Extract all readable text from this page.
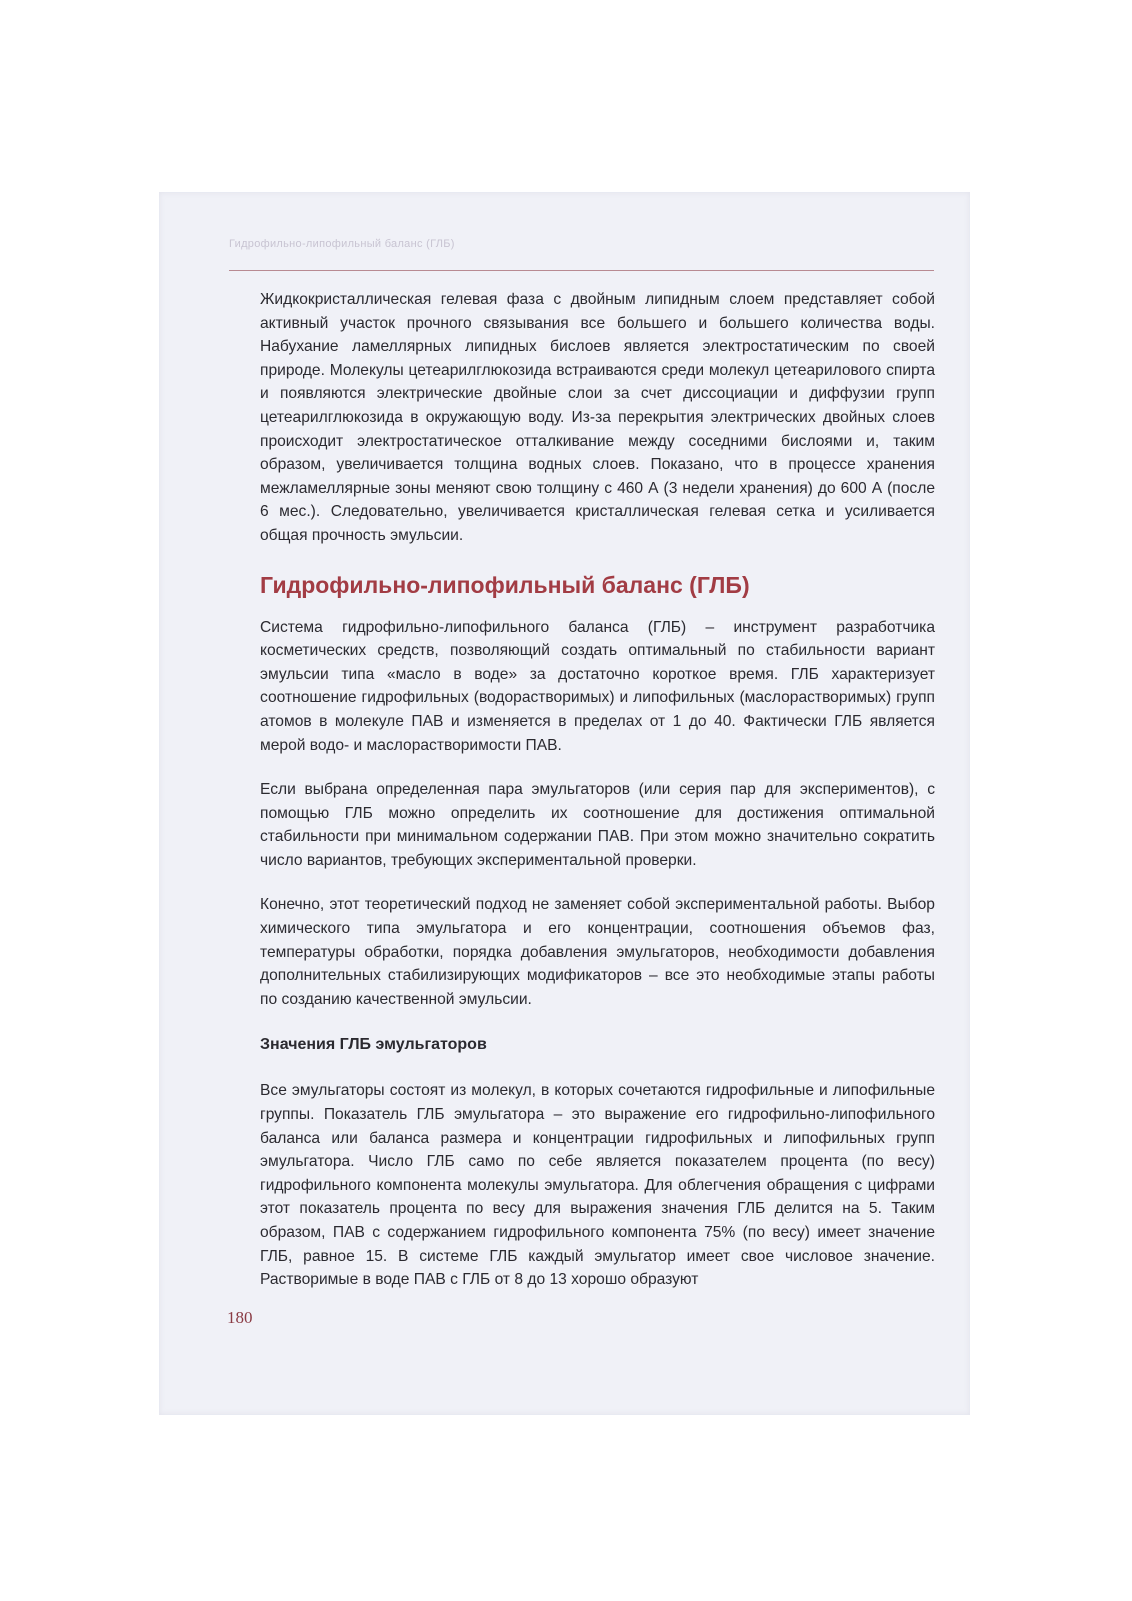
Гидрофильно-липофильный баланс (ГЛБ)

Жидкокристаллическая гелевая фаза с двойным липидным слоем представляет собой активный участок прочного связывания все большего и большего количества воды. Набухание ламеллярных липидных бислоев является электростатическим по своей природе. Молекулы цетеарилглюкозида встраиваются среди молекул цетеарилового спирта и появляются электрические двойные слои за счет диссоциации и диффузии групп цетеарилглюкозида в окружающую воду. Из-за перекрытия электрических двойных слоев происходит электростатическое отталкивание между соседними бислоями и, таким образом, увеличивается толщина водных слоев. Показано, что в процессе хранения межламеллярные зоны меняют свою толщину с 460 А (3 недели хранения) до 600 А (после 6 мес.). Следовательно, увеличивается кристаллическая гелевая сетка и усиливается общая прочность эмульсии.

Гидрофильно-липофильный баланс (ГЛБ)

Система гидрофильно-липофильного баланса (ГЛБ) – инструмент разработчика косметических средств, позволяющий создать оптимальный по стабильности вариант эмульсии типа «масло в воде» за достаточно короткое время. ГЛБ характеризует соотношение гидрофильных (водорастворимых) и липофильных (маслорастворимых) групп атомов в молекуле ПАВ и изменяется в пределах от 1 до 40. Фактически ГЛБ является мерой водо- и маслорастворимости ПАВ.

Если выбрана определенная пара эмульгаторов (или серия пар для экспериментов), с помощью ГЛБ можно определить их соотношение для достижения оптимальной стабильности при минимальном содержании ПАВ. При этом можно значительно сократить число вариантов, требующих экспериментальной проверки.

Конечно, этот теоретический подход не заменяет собой экспериментальной работы. Выбор химического типа эмульгатора и его концентрации, соотношения объемов фаз, температуры обработки, порядка добавления эмульгаторов, необходимости добавления дополнительных стабилизирующих модификаторов – все это необходимые этапы работы по созданию качественной эмульсии.

Значения ГЛБ эмульгаторов

Все эмульгаторы состоят из молекул, в которых сочетаются гидрофильные и липофильные группы. Показатель ГЛБ эмульгатора – это выражение его гидрофильно-липофильного баланса или баланса размера и концентрации гидрофильных и липофильных групп эмульгатора. Число ГЛБ само по себе является показателем процента (по весу) гидрофильного компонента молекулы эмульгатора. Для облегчения обращения с цифрами этот показатель процента по весу для выражения значения ГЛБ делится на 5. Таким образом, ПАВ с содержанием гидрофильного компонента 75% (по весу) имеет значение ГЛБ, равное 15. В системе ГЛБ каждый эмульгатор имеет свое числовое значение. Растворимые в воде ПАВ с ГЛБ от 8 до 13 хорошо образуют

180
